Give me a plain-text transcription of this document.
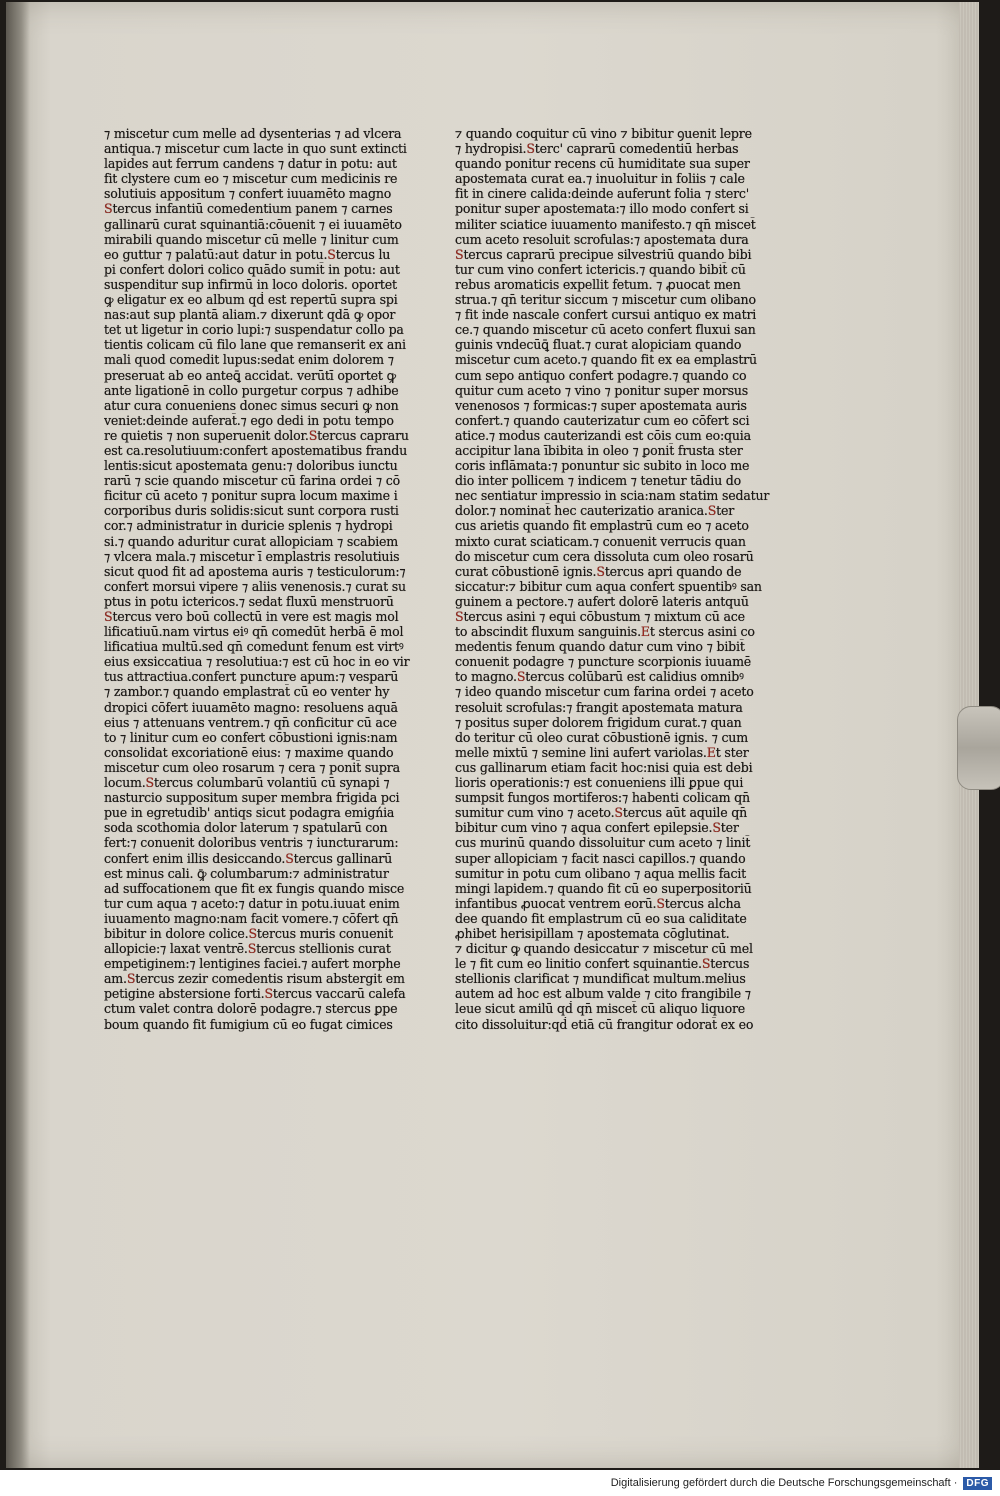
⁊ miscetur cum melle ad dysenterias ⁊ ad vlcera
antiqua.⁊ miscetur cum lacte in quo sunt extincti
lapides aut ferrum candens ⁊ datur in potu: aut
fit clystere cum eo ⁊ miscetur cum medicinis re
solutiuis appositum ⁊ confert iuuamēto magno
Stercus infantiū comedentium panem ⁊ carnes
gallinarū curat squinantiā:cōuenit ⁊ ei iuuamēto
mirabili quando miscetur cū melle ⁊ linitur cum
eo guttur ⁊ palatū:aut datur in potu.Stercus lu
pi confert dolori colico quādo sumit̄ in potu: aut
suspenditur sup infirmū in loco doloris. oportet
ꝙ eligatur ex eo album qḋ est repertū supra spi
nas:aut sup plantā aliam.⁊ dixerunt qdā ꝙ opor
tet ut ligetur in corio lupi:⁊ suspendatur collo pa
tientis colicam cū filo lane que remanserit ex ani
mali quod comedit lupus:sedat enim dolorem ⁊
preseruat ab eo anteꝗ̄ accidat. verūtī oportet ꝙ
ante ligationē in collo purgetur corpus ⁊ adhibe
atur cura conueniens donec simus securi ꝙ non
veniet:deinde auferat̄.⁊ ego dedi in potu tempo
re quietis ⁊ non superuenit dolor.Stercus capraru
est ca.resolutiuum:confert apostematibus frandu
lentis:sicut apostemata genu:⁊ doloribus iunctu
rarū ⁊ scie quando miscetur cū farina ordei ⁊ cō
ficitur cū aceto ⁊ ponitur supra locum maxime i
corporibus duris solidis:sicut sunt corpora rusti
cor.⁊ administratur in duricie splenis ⁊ hydropi
si.⁊ quando aduritur curat allopiciam ⁊ scabiem
⁊ vlcera mala.⁊ miscetur ī emplastris resolutiuis
sicut quod fit ad apostema auris ⁊ testiculorum:⁊
confert morsui vipere ⁊ aliis venenosis.⁊ curat su
ptus in potu ictericos.⁊ sedat fluxū menstruorū
Stercus vero boū collectū in vere est magis mol
lificatiuū.nam virtus eiꝰ qn̄ comedūt herbā ē mol
lificatiua multū.sed qn̄ comedunt fenum est virtꝰ
eius exsiccatiua ⁊ resolutiua:⁊ est cū hoc in eo vir
tus attractiua.confert puncture apum:⁊ vesparū
⁊ zambor.⁊ quando emplastrat̄ cū eo venter hy
dropici cōfert iuuamēto magno: resoluens aquā
eius ⁊ attenuans ventrem.⁊ qn̄ conficitur cū ace
to ⁊ linitur cum eo confert cōbustioni ignis:nam
consolidat excoriationē eius: ⁊ maxime quando
miscetur cum oleo rosarum ⁊ cera ⁊ ponit̄ supra
locum.Stercus columbarū volantiū cū synapi ⁊
nasturcio suppositum super membra frigida pci
pue in egretudib' antiqs sicut podagra emigńia
soda scothomia dolor laterum ⁊ spatularū con
fert:⁊ conuenit doloribus ventris ⁊ iuncturarum:
confert enim illis desiccando.Stercus gallinarū
est minus cali. ꝙ̄ columbarum:⁊ administratur
ad suffocationem que fit ex fungis quando misce
tur cum aqua ⁊ aceto:⁊ datur in potu.iuuat enim
iuuamento magno:nam facit vomere.⁊ cōfert qn̄
bibitur in dolore colice.Stercus muris conuenit
allopicie:⁊ laxat ventrē.Stercus stellionis curat
empetiginem:⁊ lentigines faciei.⁊ aufert morphe
am.Stercus zezir comedentis risum abstergit em
petigine abstersione forti.Stercus vaccarū calefa
ctum valet contra dolorē podagre.⁊ stercus ꝑpe
boum quando fit fumigium cū eo fugat cimices
⁊ quando coquitur cū vino ⁊ bibitur ꝯuenit lepre
⁊ hydropisi.Sterc' caprarū comedentiū herbas
quando ponitur recens cū humiditate sua super
apostemata curat ea.⁊ inuoluitur in foliis ⁊ cale
fit in cinere calida:deinde auferunt folia ⁊ sterc'
ponitur super apostemata:⁊ illo modo confert si
militer sciatice iuuamento manifesto.⁊ qn̄ miscet̄
cum aceto resoluit scrofulas:⁊ apostemata dura
Stercus caprarū precipue silvestriū quando bibi
tur cum vino confert ictericis.⁊ quando bibit̄ cū
rebus aromaticis expellit fetum. ⁊ ꝓuocat men
strua.⁊ qn̄ teritur siccum ⁊ miscetur cum olibano
⁊ fit inde nascale confert cursui antiquo ex matri
ce.⁊ quando miscetur cū aceto confert fluxui san
guinis vndecūꝗ̄ fluat.⁊ curat alopiciam quando
miscetur cum aceto.⁊ quando fit ex ea emplastrū
cum sepo antiquo confert podagre.⁊ quando co
quitur cum aceto ⁊ vino ⁊ ponitur super morsus
venenosos ⁊ formicas:⁊ super apostemata auris
confert.⁊ quando cauterizatur cum eo cōfert sci
atice.⁊ modus cauterizandi est cōis cum eo:quia
accipitur lana ībibita in oleo ⁊ ꝑonit̄ frusta ster
coris inflāmata:⁊ ponuntur sic subito in loco me
dio inter pollicem ⁊ indicem ⁊ tenetur tādiu do
nec sentiatur impressio in scia:nam statim sedatur
dolor.⁊ nominat̄ hec cauterizatio aranica.Ster
cus arietis quando fit emplastrū cum eo ⁊ aceto
mixto curat sciaticam.⁊ conuenit verrucis quan
do miscetur cum cera dissoluta cum oleo rosarū
curat cōbustionē ignis.Stercus apri quando de
siccatur:⁊ bibitur cum aqua confert spuentibꝰ san
guinem a pectore.⁊ aufert dolorē lateris antquū
Stercus asini ⁊ equi cōbustum ⁊ mixtum cū ace
to abscindit fluxum sanguinis.Et stercus asini co
medentis fenum quando datur cum vino ⁊ bibit̄
conuenit podagre ⁊ puncture scorpionis iuuamē
to magno.Stercus colūbarū est calidius omnibꝰ
⁊ ideo quando miscetur cum farina ordei ⁊ aceto
resoluit scrofulas:⁊ frangit apostemata matura
⁊ positus super dolorem frigidum curat.⁊ quan
do teritur cū oleo curat cōbustionē ignis. ⁊ cum
melle mixtū ⁊ semine lini aufert variolas.Et ster
cus gallinarum etiam facit hoc:nisi quia est debi
lioris operationis:⁊ est conueniens illi ꝑpue qui
sumpsit fungos mortiferos:⁊ habenti colicam qn̄
sumitur cum vino ⁊ aceto.Stercus aūt aquile qn̄
bibitur cum vino ⁊ aqua confert epilepsie.Ster
cus murinū quando dissoluitur cum aceto ⁊ linit̄
super allopiciam ⁊ facit nasci capillos.⁊ quando
sumitur in potu cum olibano ⁊ aqua mellis facit
mingi lapidem.⁊ quando fit cū eo superpositoriū
infantibus ꝓuocat ventrem eorū.Stercus alcha
dee quando fit emplastrum cū eo sua caliditate
ꝓhibet herisipillam ⁊ apostemata cōglutinat.
⁊ dicitur ꝙ quando desiccatur ⁊ miscetur cū mel
le ⁊ fit cum eo linitio confert squinantie.Stercus
stellionis clarificat ⁊ mundificat multum.melius
autem ad hoc est album valde ⁊ cito frangibile ⁊
leue sicut amilū qḋ qn̄ miscet̄ cū aliquo liquore
cito dissoluitur:qḋ etiā cū frangitur odorat̄ ex eo
Digitalisierung gefördert durch die Deutsche Forschungsgemeinschaft · DFG
